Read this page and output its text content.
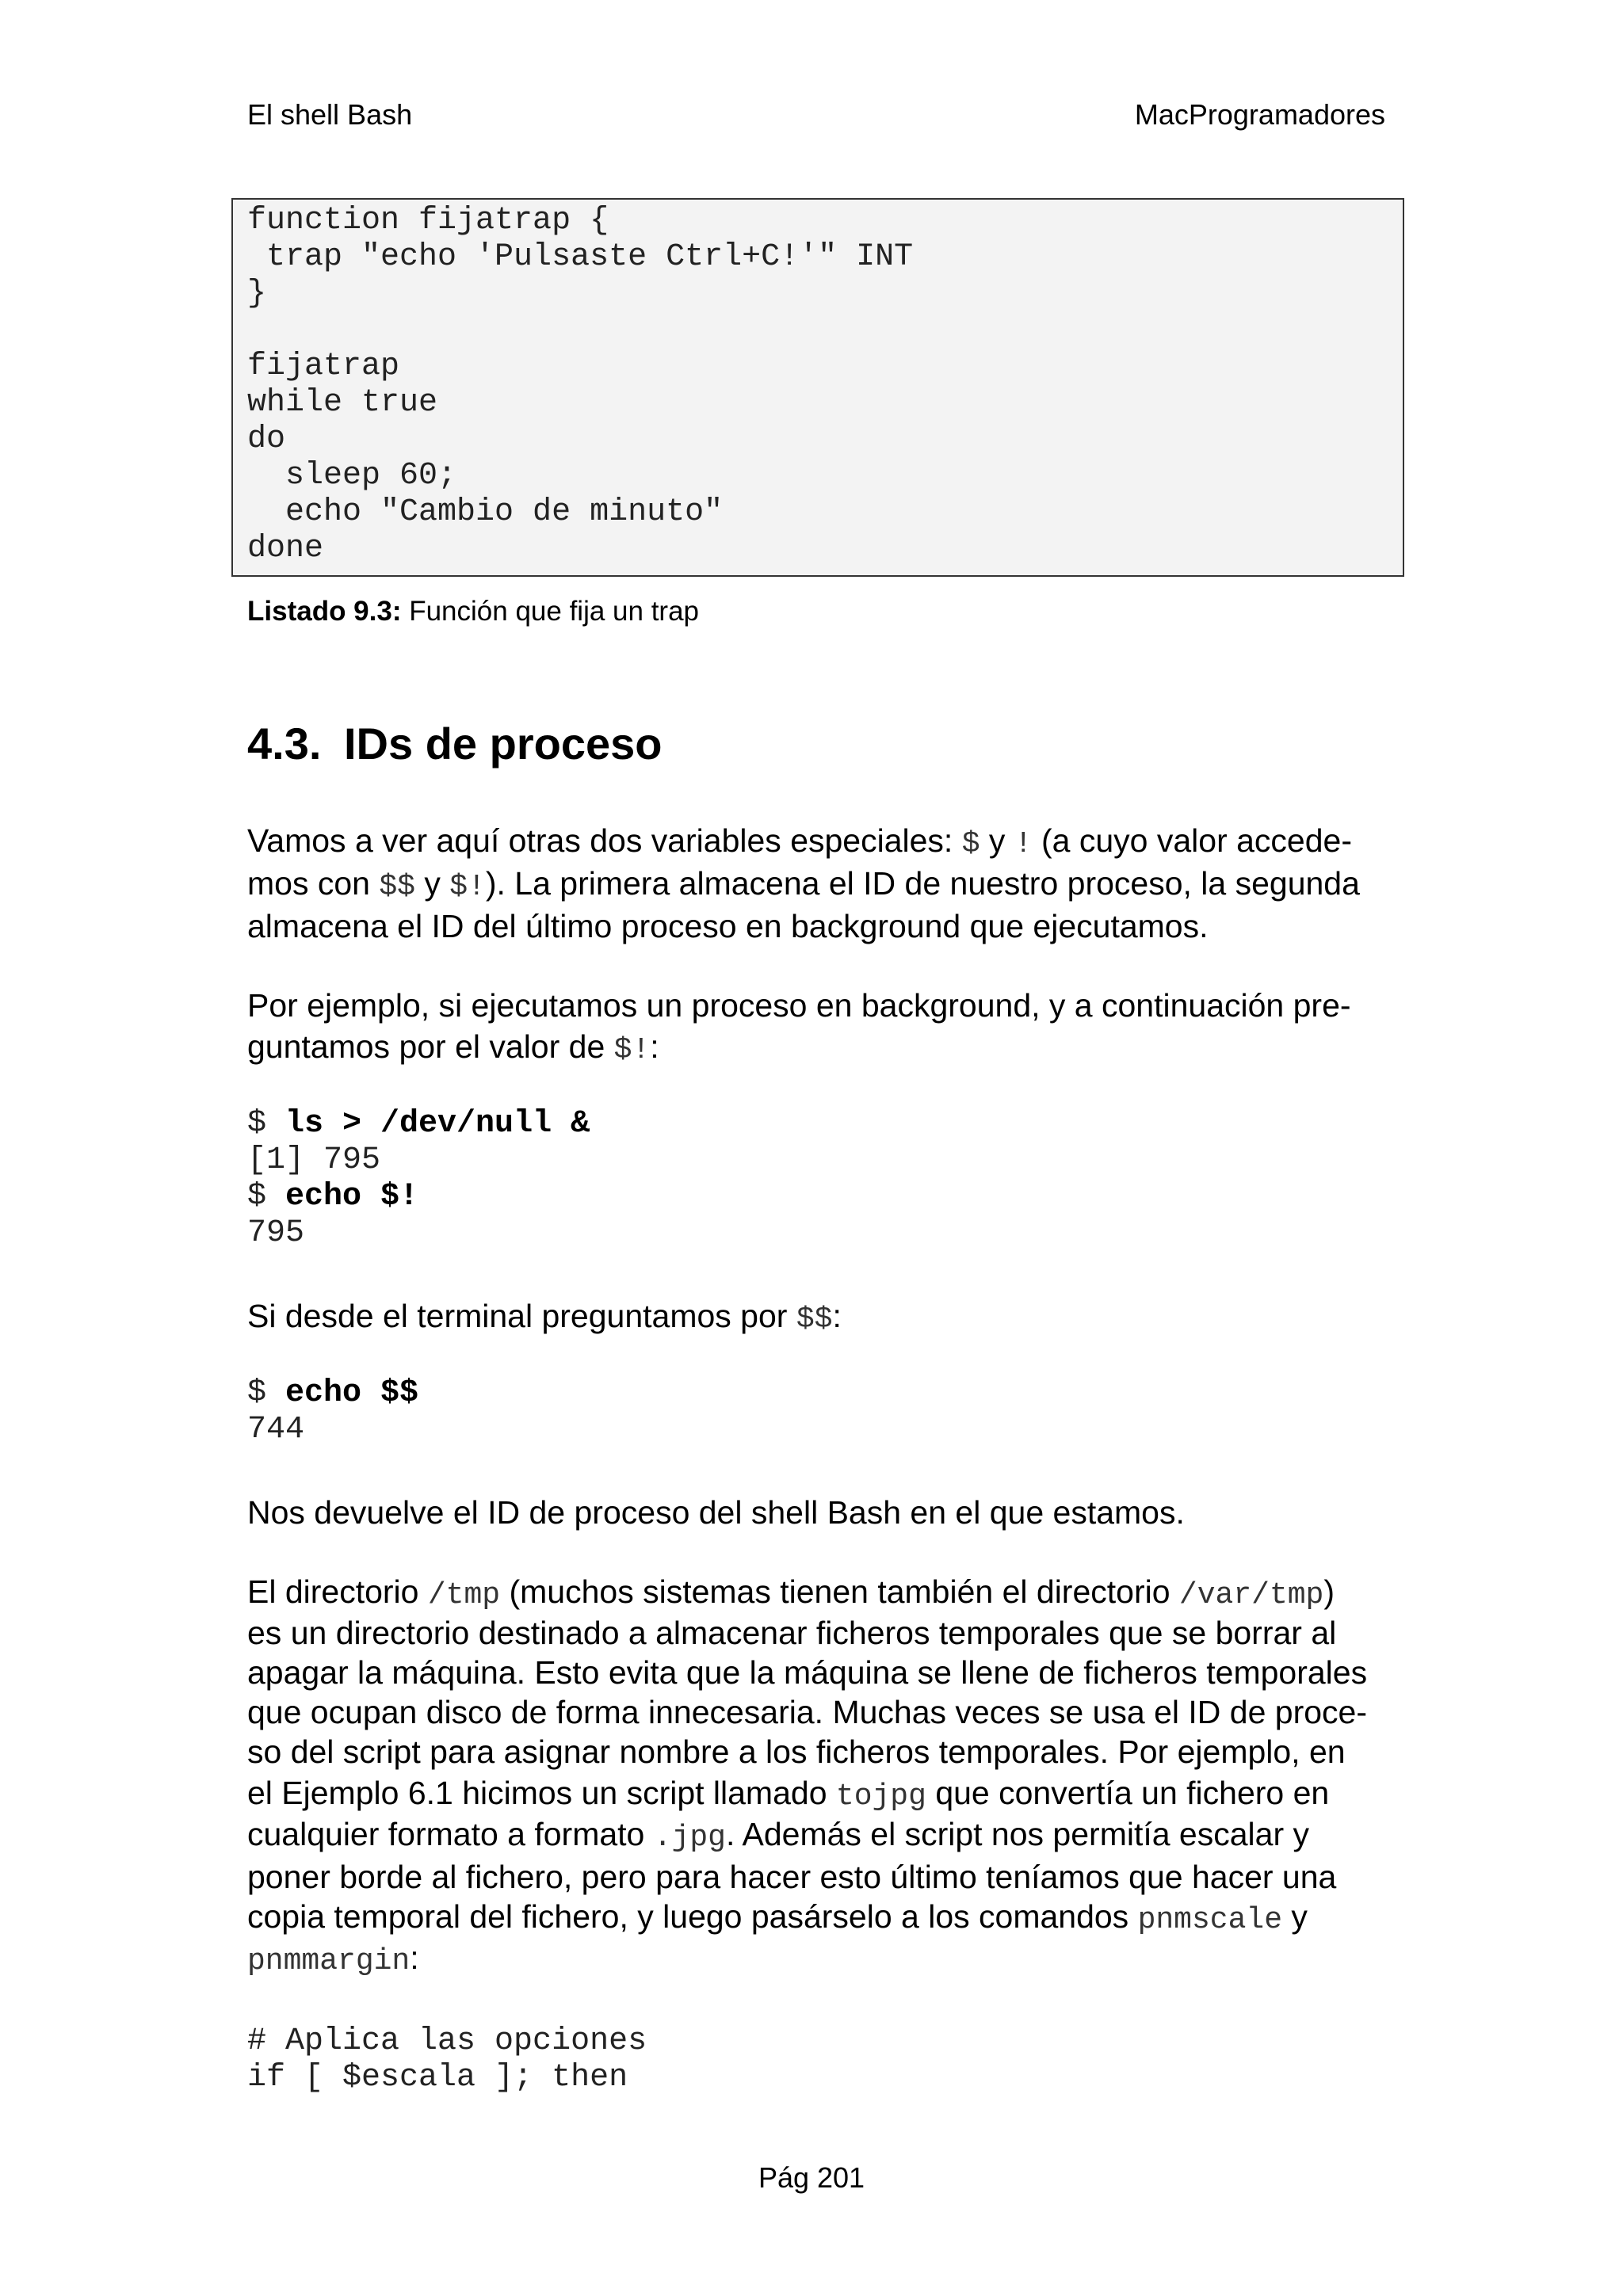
El shell Bash	MacProgramadores
function fijatrap {
trap "echo 'Pulsaste Ctrl+C!'" INT
}
fijatrap
while true
do
sleep 60;
echo "Cambio de minuto"
done
Listado 9.3: Función que fija un trap
4.3. IDs de proceso
Vamos a ver aquí otras dos variables especiales: $ y ! (a cuyo valor accede-
mos con $$ y $!). La primera almacena el ID de nuestro proceso, la segunda
almacena el ID del último proceso en background que ejecutamos.
Por ejemplo, si ejecutamos un proceso en background, y a continuación pre-
guntamos por el valor de $!:
$ ls > /dev/null &
[1] 795
$ echo $!
795
Si desde el terminal preguntamos por $$:
$ echo $$
744
Nos devuelve el ID de proceso del shell Bash en el que estamos.
El directorio /tmp (muchos sistemas tienen también el directorio /var/tmp)
es un directorio destinado a almacenar ficheros temporales que se borrar al
apagar la máquina. Esto evita que la máquina se llene de ficheros temporales
que ocupan disco de forma innecesaria. Muchas veces se usa el ID de proce-
so del script para asignar nombre a los ficheros temporales. Por ejemplo, en
el Ejemplo 6.1 hicimos un script llamado tojpg que convertía un fichero en
cualquier formato a formato .jpg. Además el script nos permitía escalar y
poner borde al fichero, pero para hacer esto último teníamos que hacer una
copia temporal del fichero, y luego pasárselo a los comandos pnmscale y
pnmmargin:
# Aplica las opciones
if [ $escala ]; then
Pág 201
